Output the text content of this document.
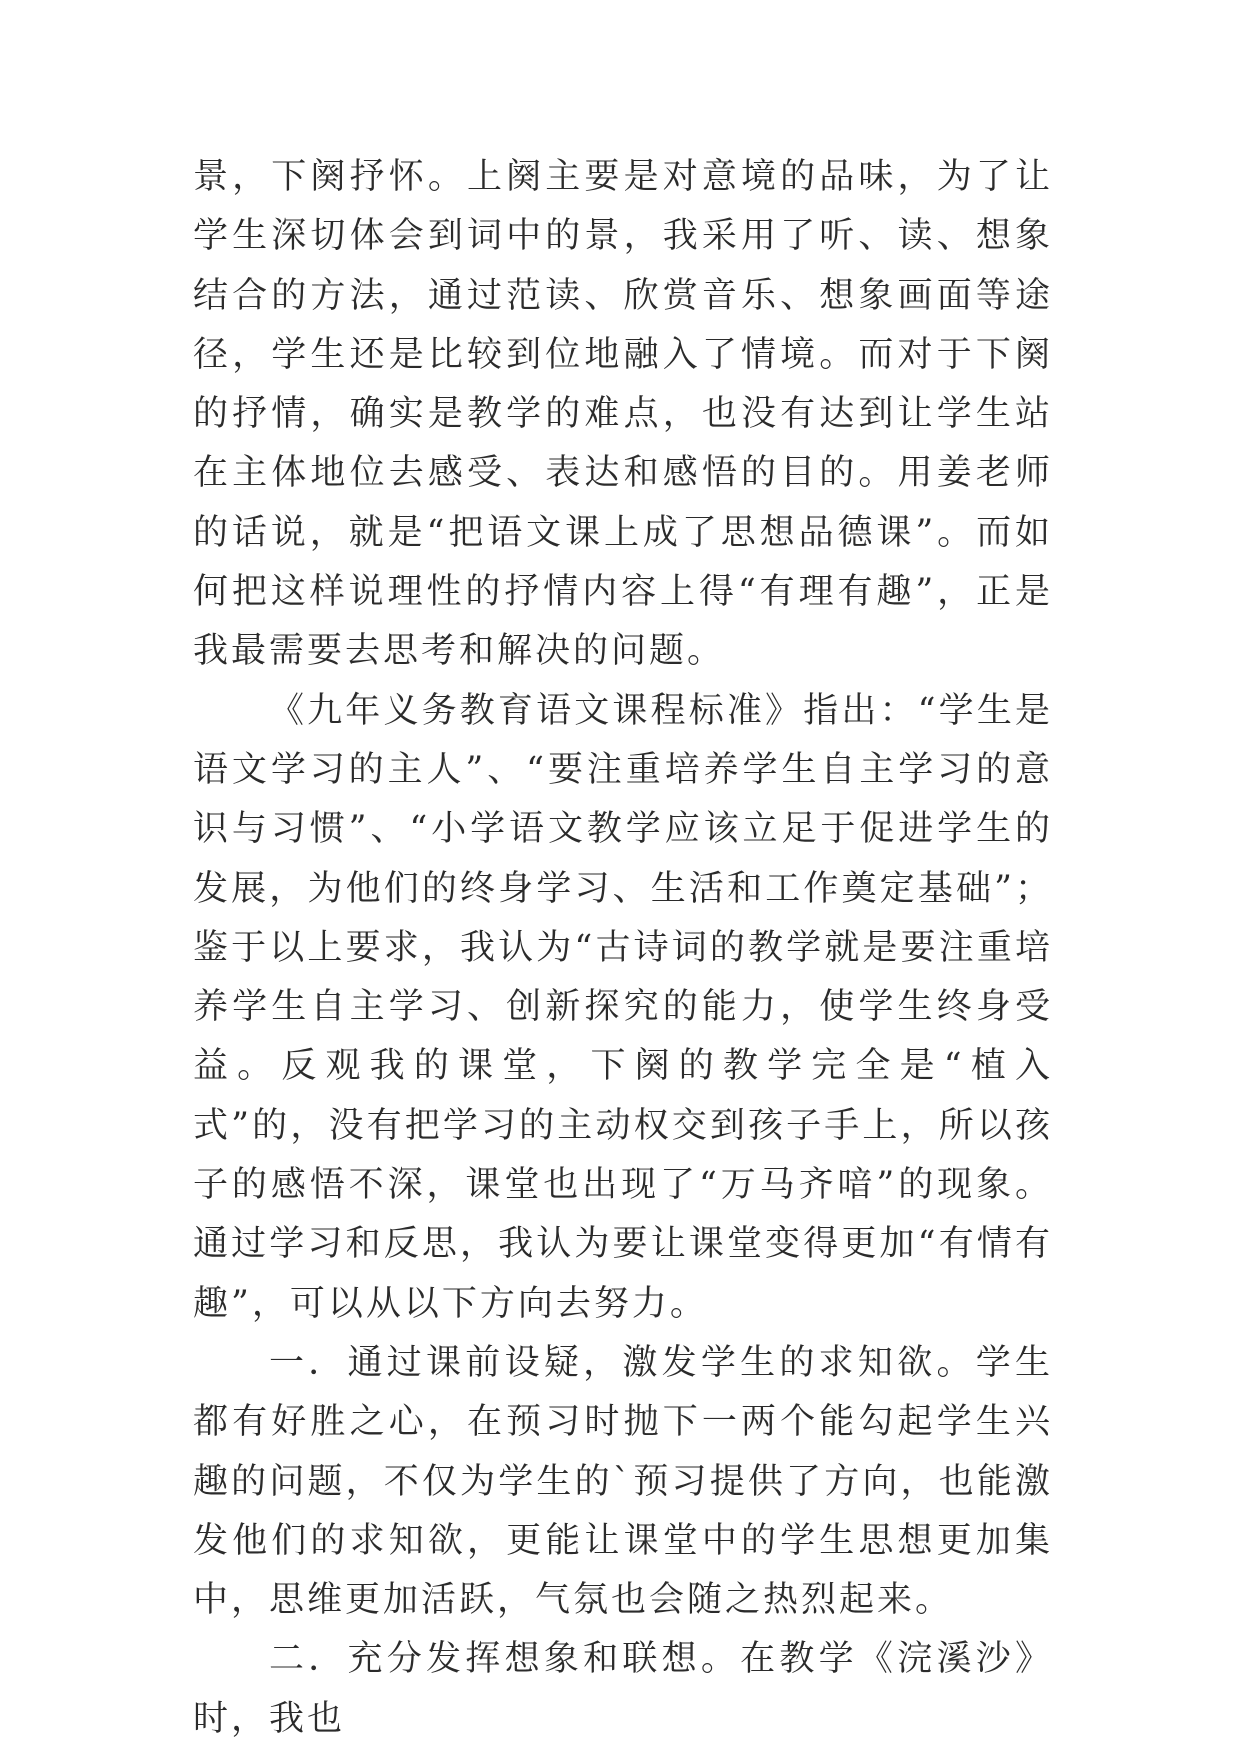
景，下阕抒怀。上阕主要是对意境的品味，为了让学生深切体会到词中的景，我采用了听、读、想象结合的方法，通过范读、欣赏音乐、想象画面等途径，学生还是比较到位地融入了情境。而对于下阕的抒情，确实是教学的难点，也没有达到让学生站在主体地位去感受、表达和感悟的目的。用姜老师的话说，就是“把语文课上成了思想品德课”。而如何把这样说理性的抒情内容上得“有理有趣”，正是我最需要去思考和解决的问题。

《九年义务教育语文课程标准》指出：“学生是语文学习的主人”、“要注重培养学生自主学习的意识与习惯”、“小学语文教学应该立足于促进学生的发展，为他们的终身学习、生活和工作奠定基础”；鉴于以上要求，我认为“古诗词的教学就是要注重培养学生自主学习、创新探究的能力，使学生终身受益。反观我的课堂，下阕的教学完全是“植入式”的，没有把学习的主动权交到孩子手上，所以孩子的感悟不深，课堂也出现了“万马齐喑”的现象。通过学习和反思，我认为要让课堂变得更加“有情有趣”，可以从以下方向去努力。

一．通过课前设疑，激发学生的求知欲。学生都有好胜之心，在预习时抛下一两个能勾起学生兴趣的问题，不仅为学生的`预习提供了方向，也能激发他们的求知欲，更能让课堂中的学生思想更加集中，思维更加活跃，气氛也会随之热烈起来。

二．充分发挥想象和联想。在教学《浣溪沙》时，我也
